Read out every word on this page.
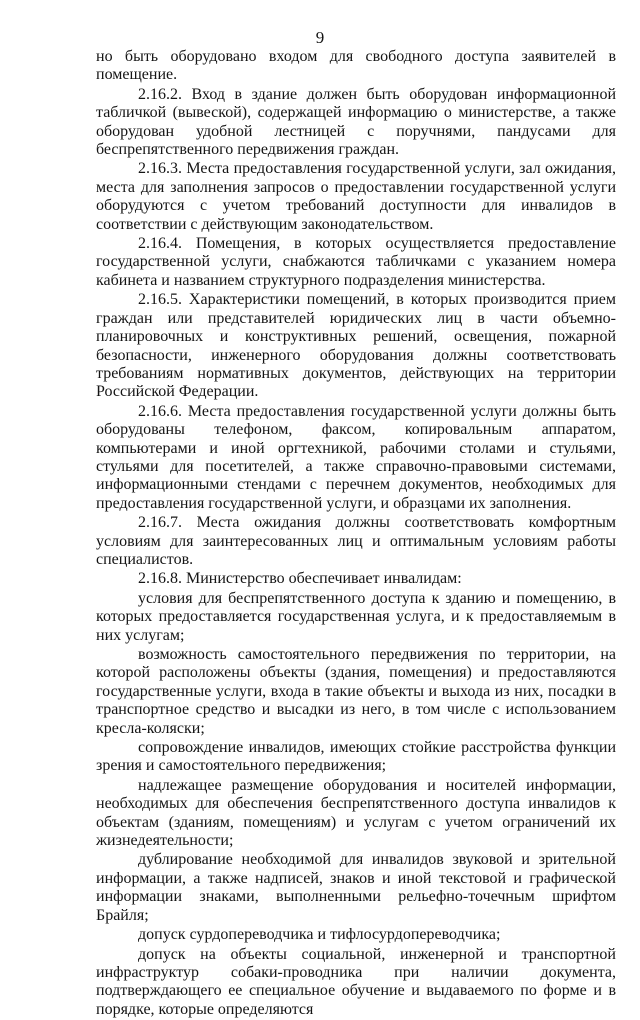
9

но быть оборудовано входом для свободного доступа заявителей в помещение.

2.16.2. Вход в здание должен быть оборудован информационной табличкой (вывеской), содержащей информацию о министерстве, а также оборудован удобной лестницей с поручнями, пандусами для беспрепятственного передвижения граждан.

2.16.3. Места предоставления государственной услуги, зал ожидания, места для заполнения запросов о предоставлении государственной услуги оборудуются с учетом требований доступности для инвалидов в соответствии с действующим законодательством.

2.16.4. Помещения, в которых осуществляется предоставление государственной услуги, снабжаются табличками с указанием номера кабинета и названием структурного подразделения министерства.

2.16.5. Характеристики помещений, в которых производится прием граждан или представителей юридических лиц в части объемно-планировочных и конструктивных решений, освещения, пожарной безопасности, инженерного оборудования должны соответствовать требованиям нормативных документов, действующих на территории Российской Федерации.

2.16.6. Места предоставления государственной услуги должны быть оборудованы телефоном, факсом, копировальным аппаратом, компьютерами и иной оргтехникой, рабочими столами и стульями, стульями для посетителей, а также справочно-правовыми системами, информационными стендами с перечнем документов, необходимых для предоставления государственной услуги, и образцами их заполнения.

2.16.7. Места ожидания должны соответствовать комфортным условиям для заинтересованных лиц и оптимальным условиям работы специалистов.

2.16.8. Министерство обеспечивает инвалидам:

условия для беспрепятственного доступа к зданию и помещению, в которых предоставляется государственная услуга, и к предоставляемым в них услугам;

возможность самостоятельного передвижения по территории, на которой расположены объекты (здания, помещения) и предоставляются государственные услуги, входа в такие объекты и выхода из них, посадки в транспортное средство и высадки из него, в том числе с использованием кресла-коляски;

сопровождение инвалидов, имеющих стойкие расстройства функции зрения и самостоятельного передвижения;

надлежащее размещение оборудования и носителей информации, необходимых для обеспечения беспрепятственного доступа инвалидов к объектам (зданиям, помещениям) и услугам с учетом ограничений их жизнедеятельности;

дублирование необходимой для инвалидов звуковой и зрительной информации, а также надписей, знаков и иной текстовой и графической информации знаками, выполненными рельефно-точечным шрифтом Брайля;

допуск сурдопереводчика и тифлосурдопереводчика;

допуск на объекты социальной, инженерной и транспортной инфраструктур собаки-проводника при наличии документа, подтверждающего ее специальное обучение и выдаваемого по форме и в порядке, которые определяются
